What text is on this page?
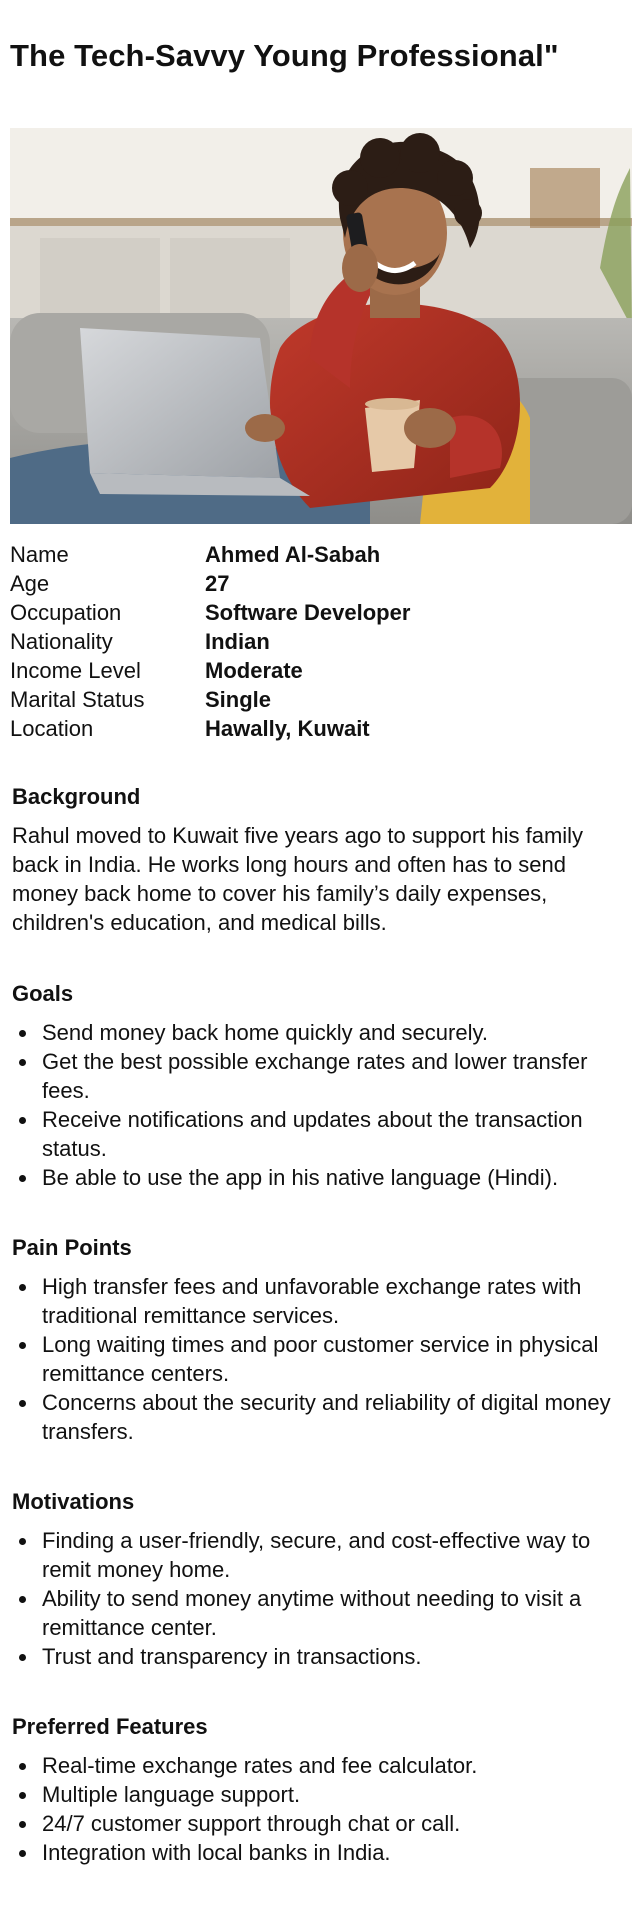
The Tech-Savvy Young Professional"
Name	Ahmed Al-Sabah
Age	27
Occupation	Software Developer
Nationality	Indian
Income Level	Moderate
Marital Status	Single
Location	Hawally, Kuwait
Background

Rahul moved to Kuwait five years ago to support his family back in India. He works long hours and often has to send money back home to cover his family’s daily expenses, children's education, and medical bills.

Goals
Send money back home quickly and securely.
Get the best possible exchange rates and lower transfer fees.
Receive notifications and updates about the transaction status.
Be able to use the app in his native language (Hindi).
Pain Points
High transfer fees and unfavorable exchange rates with traditional remittance services.
Long waiting times and poor customer service in physical remittance centers.
Concerns about the security and reliability of digital money transfers.
Motivations
Finding a user-friendly, secure, and cost-effective way to remit money home.
Ability to send money anytime without needing to visit a remittance center.
Trust and transparency in transactions.
Preferred Features
Real-time exchange rates and fee calculator.
Multiple language support.
24/7 customer support through chat or call.
Integration with local banks in India.
